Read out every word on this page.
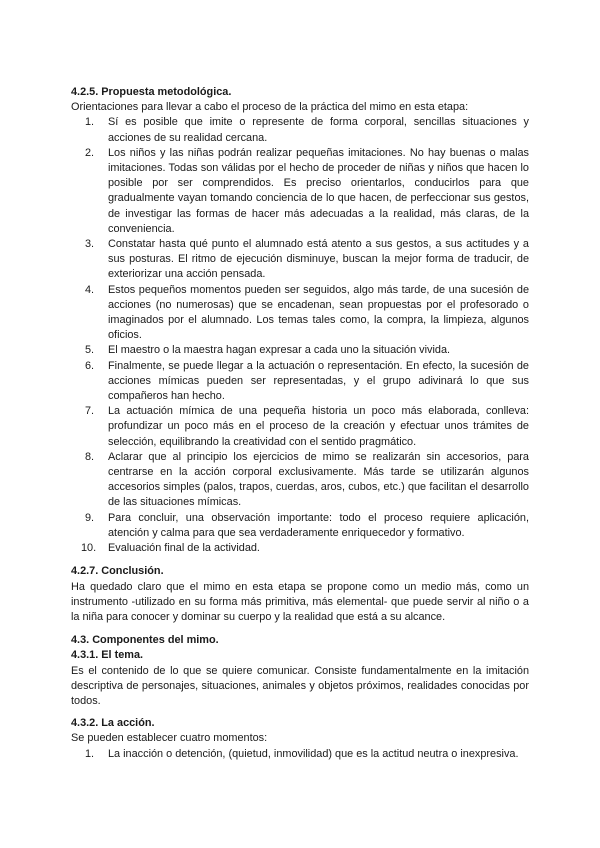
4.2.5. Propuesta metodológica.

Orientaciones para llevar a cabo el proceso de la práctica del mimo en esta etapa:

1.	Sí es posible que imite o represente de forma corporal, sencillas situaciones y acciones de su realidad cercana.
2.	Los niños y las niñas podrán realizar pequeñas imitaciones. No hay buenas o malas imitaciones. Todas son válidas por el hecho de proceder de niñas y niños que hacen lo posible por ser comprendidos. Es preciso orientarlos, conducirlos para que gradualmente vayan tomando conciencia de lo que hacen, de perfeccionar sus gestos, de investigar las formas de hacer más adecuadas a la realidad, más claras, de la conveniencia.
3.	Constatar hasta qué punto el alumnado está atento a sus gestos, a sus actitudes y a sus posturas. El ritmo de ejecución disminuye, buscan la mejor forma de traducir, de exteriorizar una acción pensada.
4.	Estos pequeños momentos pueden ser seguidos, algo más tarde, de una sucesión de acciones (no numerosas) que se encadenan, sean propuestas por el profesorado o imaginados por el alumnado. Los temas tales como, la compra, la limpieza, algunos oficios.
5.	El maestro o la maestra hagan expresar a cada uno la situación vivida.
6.	Finalmente, se puede llegar a la actuación o representación. En efecto, la sucesión de acciones mímicas pueden ser representadas, y el grupo adivinará lo que sus compañeros han hecho.
7.	La actuación mímica de una pequeña historia un poco más elaborada, conlleva: profundizar un poco más en el proceso de la creación y efectuar unos trámites de selección, equilibrando la creatividad con el sentido pragmático.
8.	Aclarar que al principio los ejercicios de mimo se realizarán sin accesorios, para centrarse en la acción corporal exclusivamente. Más tarde se utilizarán algunos accesorios simples (palos, trapos, cuerdas, aros, cubos, etc.) que facilitan el desarrollo de las situaciones mímicas.
9.	Para concluir, una observación importante: todo el proceso requiere aplicación, atención y calma para que sea verdaderamente enriquecedor y formativo.
10.	Evaluación final de la actividad.
4.2.7. Conclusión.

Ha quedado claro que el mimo en esta etapa se propone como un medio más, como un instrumento -utilizado en su forma más primitiva, más elemental- que puede servir al niño o a la niña para conocer y dominar su cuerpo y la realidad que está a su alcance.

4.3. Componentes del mimo.
4.3.1. El tema.

Es el contenido de lo que se quiere comunicar. Consiste fundamentalmente en la imitación descriptiva de personajes, situaciones, animales y objetos próximos, realidades conocidas por todos.

4.3.2. La acción.

Se pueden establecer cuatro momentos:

1.	La inacción o detención, (quietud, inmovilidad) que es la actitud neutra o inexpresiva.
